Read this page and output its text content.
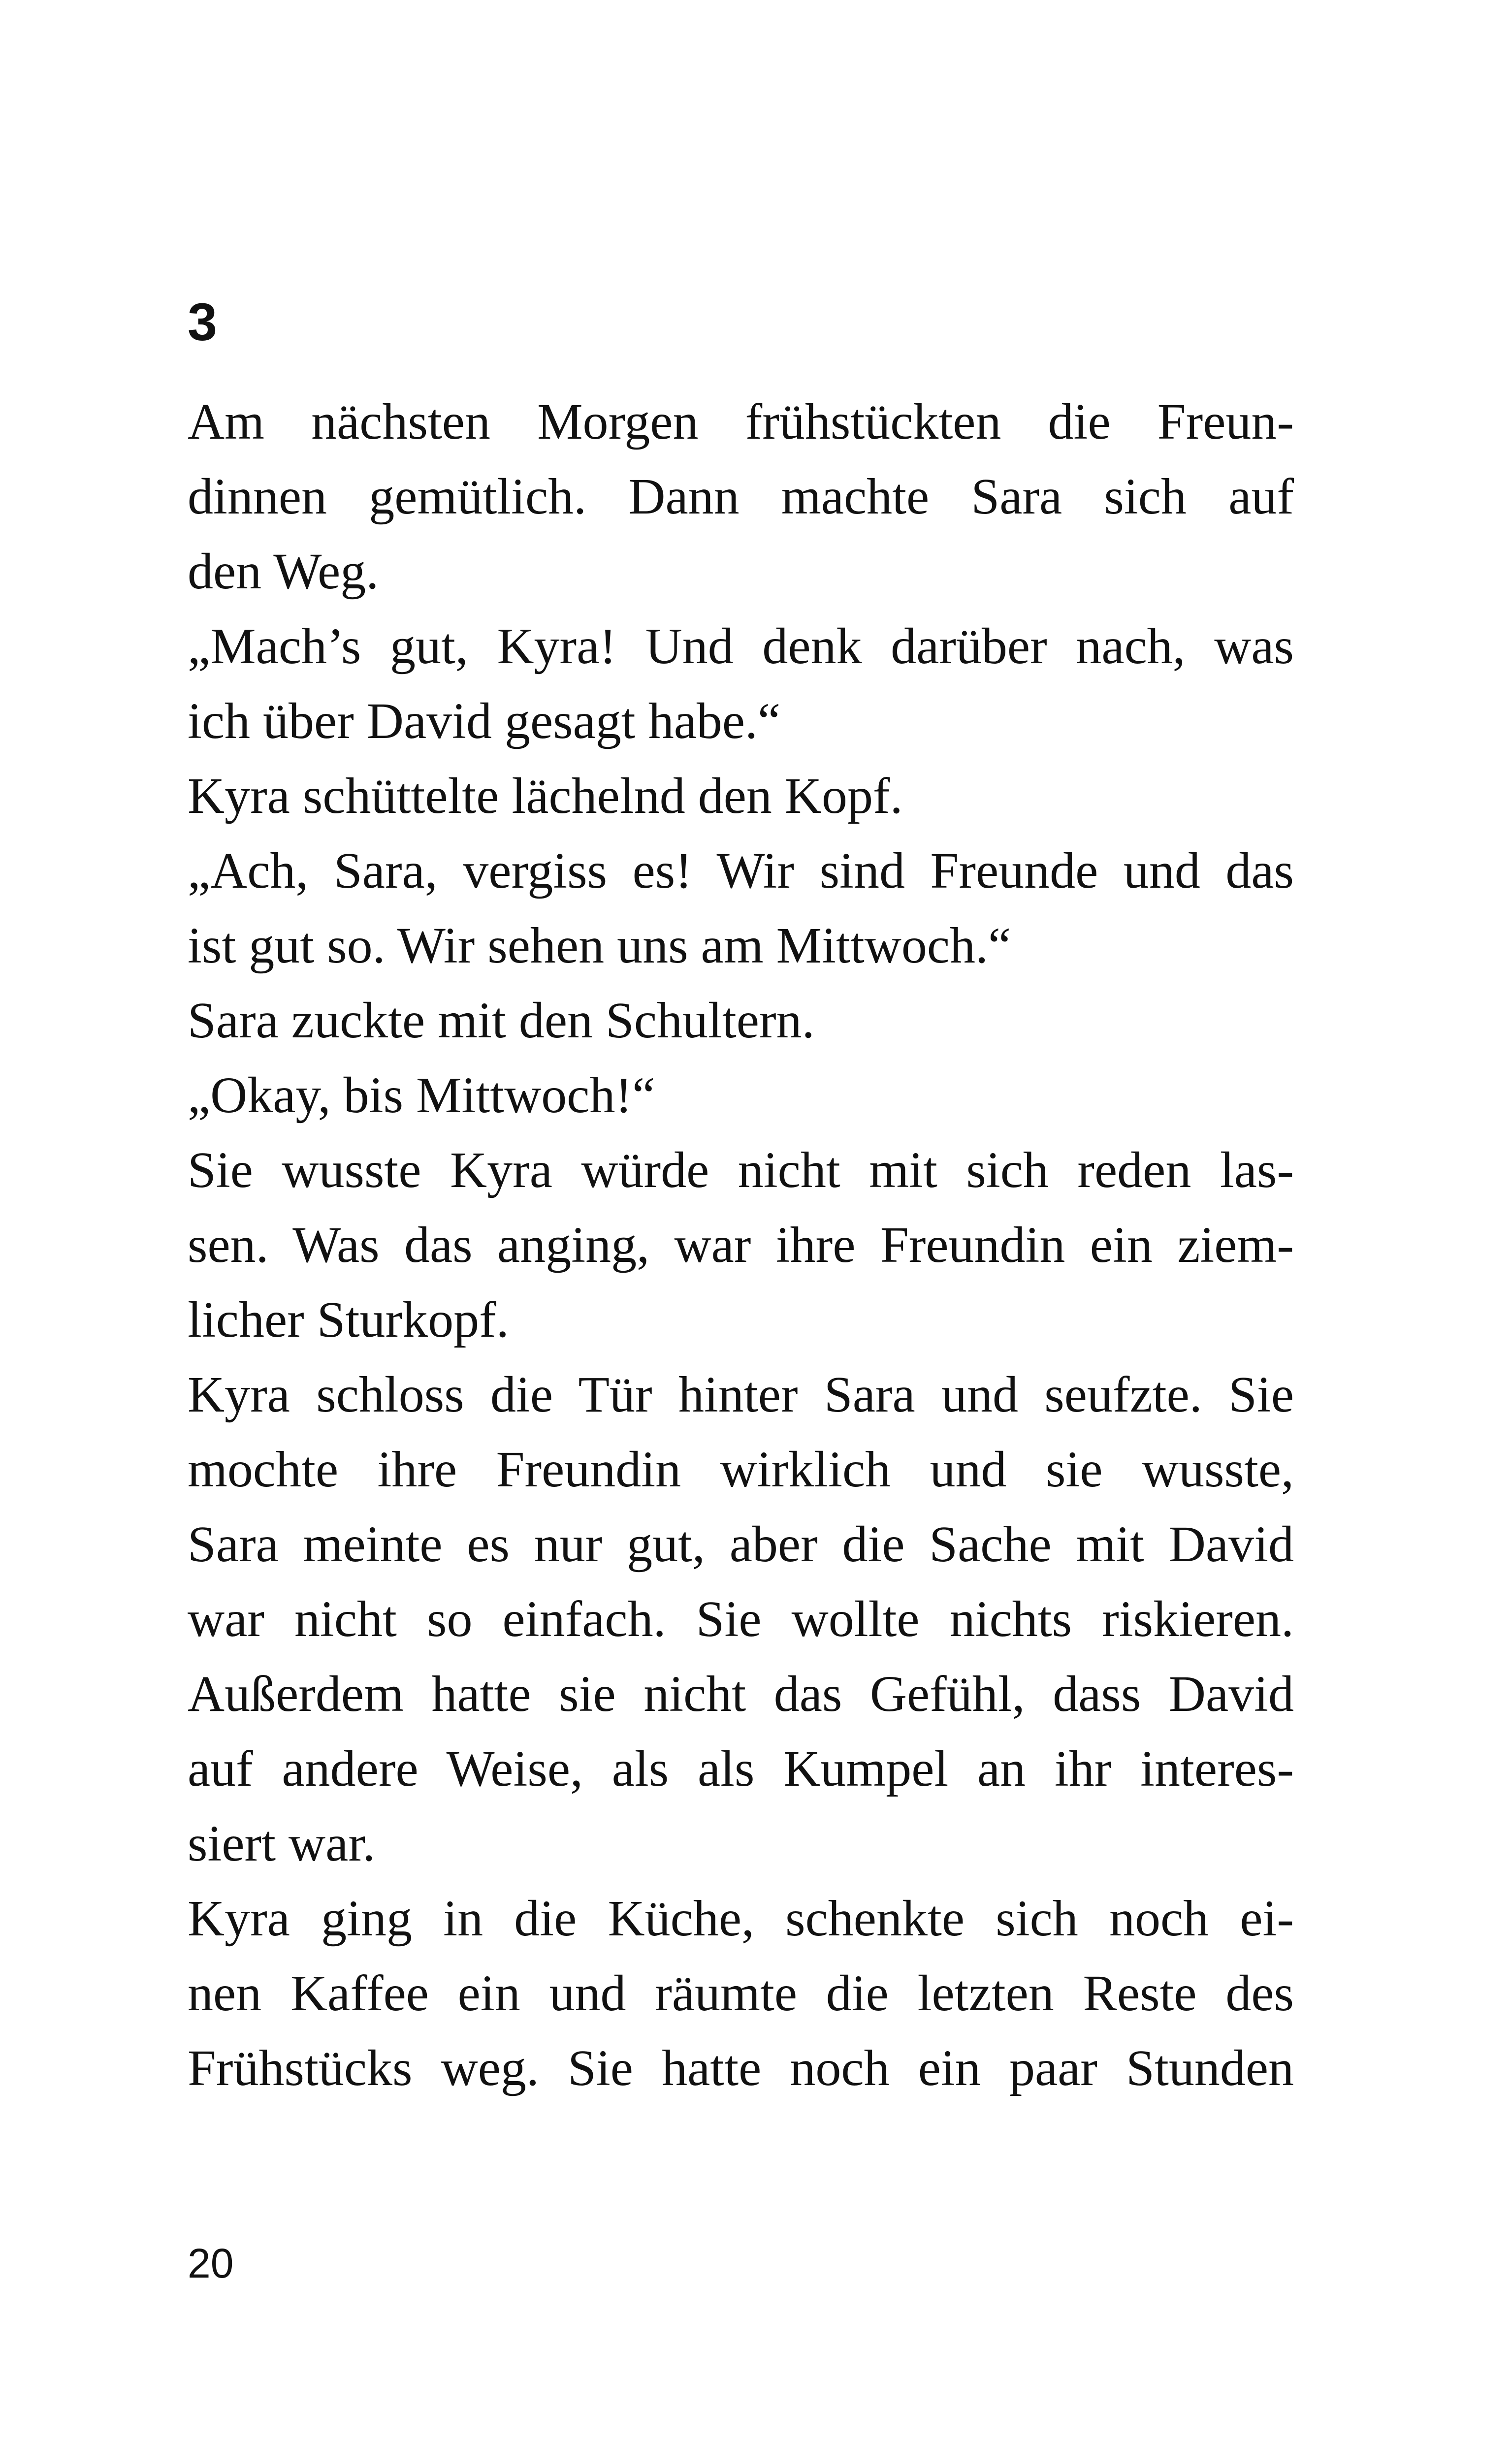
3
Am nächsten Morgen frühstückten die Freun-
dinnen gemütlich. Dann machte Sara sich auf
den Weg.
„Mach’s gut, Kyra! Und denk darüber nach, was
ich über David gesagt habe.“
Kyra schüttelte lächelnd den Kopf.
„Ach, Sara, vergiss es! Wir sind Freunde und das
ist gut so. Wir sehen uns am Mittwoch.“
Sara zuckte mit den Schultern.
„Okay, bis Mittwoch!“
Sie wusste Kyra würde nicht mit sich reden las-
sen. Was das anging, war ihre Freundin ein ziem-
licher Sturkopf.
Kyra schloss die Tür hinter Sara und seufzte. Sie
mochte ihre Freundin wirklich und sie wusste,
Sara meinte es nur gut, aber die Sache mit David
war nicht so einfach. Sie wollte nichts riskieren.
Außerdem hatte sie nicht das Gefühl, dass David
auf andere Weise, als als Kumpel an ihr interes-
siert war.
Kyra ging in die Küche, schenkte sich noch ei-
nen Kaffee ein und räumte die letzten Reste des
Frühstücks weg. Sie hatte noch ein paar Stunden
20
